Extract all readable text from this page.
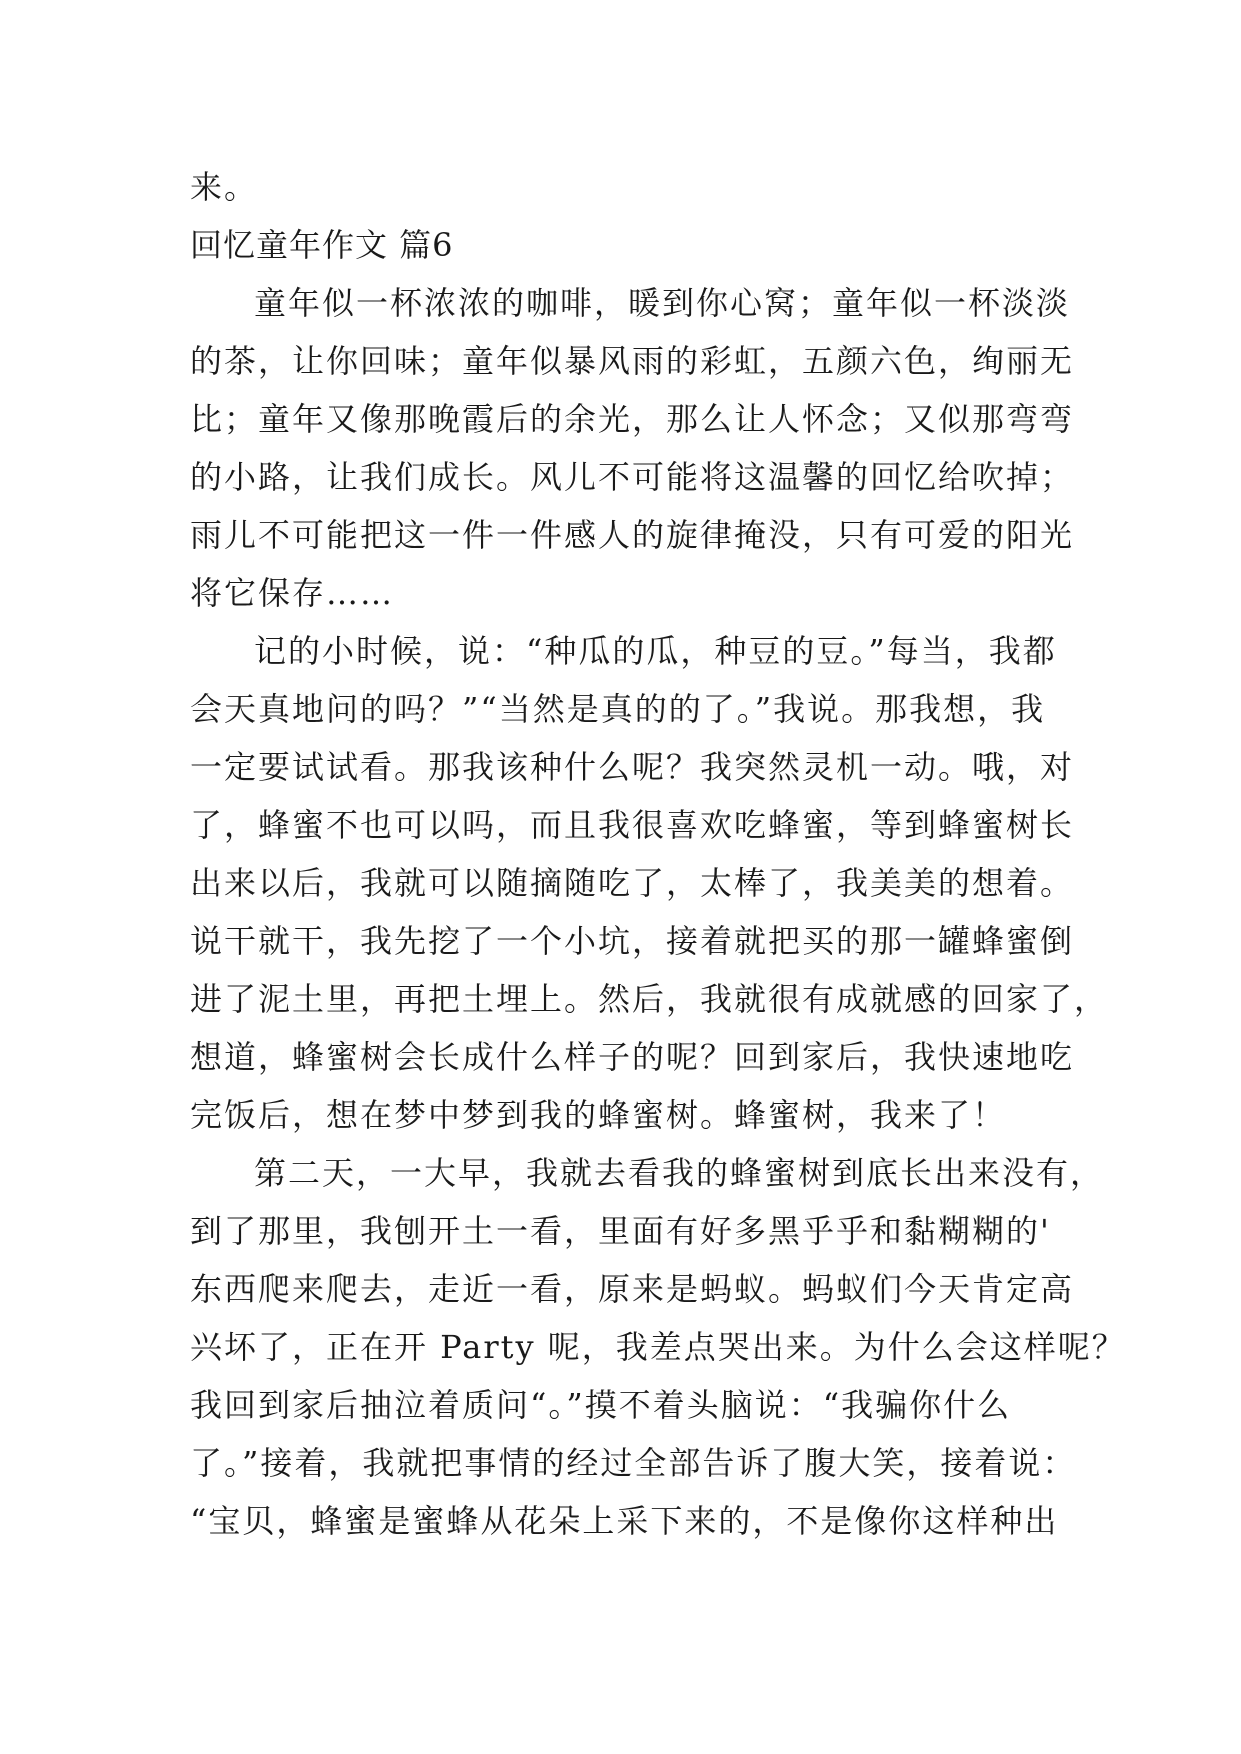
来。
回忆童年作文 篇6
童年似一杯浓浓的咖啡，暖到你心窝；童年似一杯淡淡
的茶，让你回味；童年似暴风雨的彩虹，五颜六色，绚丽无
比；童年又像那晚霞后的余光，那么让人怀念；又似那弯弯
的小路，让我们成长。风儿不可能将这温馨的回忆给吹掉；
雨儿不可能把这一件一件感人的旋律掩没，只有可爱的阳光
将它保存……
记的小时候，说：“种瓜的瓜，种豆的豆。”每当，我都
会天真地问的吗？”“当然是真的的了。”我说。那我想，我
一定要试试看。那我该种什么呢？我突然灵机一动。哦，对
了，蜂蜜不也可以吗，而且我很喜欢吃蜂蜜，等到蜂蜜树长
出来以后，我就可以随摘随吃了，太棒了，我美美的想着。
说干就干，我先挖了一个小坑，接着就把买的那一罐蜂蜜倒
进了泥土里，再把土埋上。然后，我就很有成就感的回家了，
想道，蜂蜜树会长成什么样子的呢？回到家后，我快速地吃
完饭后，想在梦中梦到我的蜂蜜树。蜂蜜树，我来了！
第二天，一大早，我就去看我的蜂蜜树到底长出来没有，
到了那里，我刨开土一看，里面有好多黑乎乎和黏糊糊的'
东西爬来爬去，走近一看，原来是蚂蚁。蚂蚁们今天肯定高
兴坏了，正在开 Party 呢，我差点哭出来。为什么会这样呢？
我回到家后抽泣着质问“。”摸不着头脑说：“我骗你什么
了。”接着，我就把事情的经过全部告诉了腹大笑，接着说：
“宝贝，蜂蜜是蜜蜂从花朵上采下来的，不是像你这样种出
